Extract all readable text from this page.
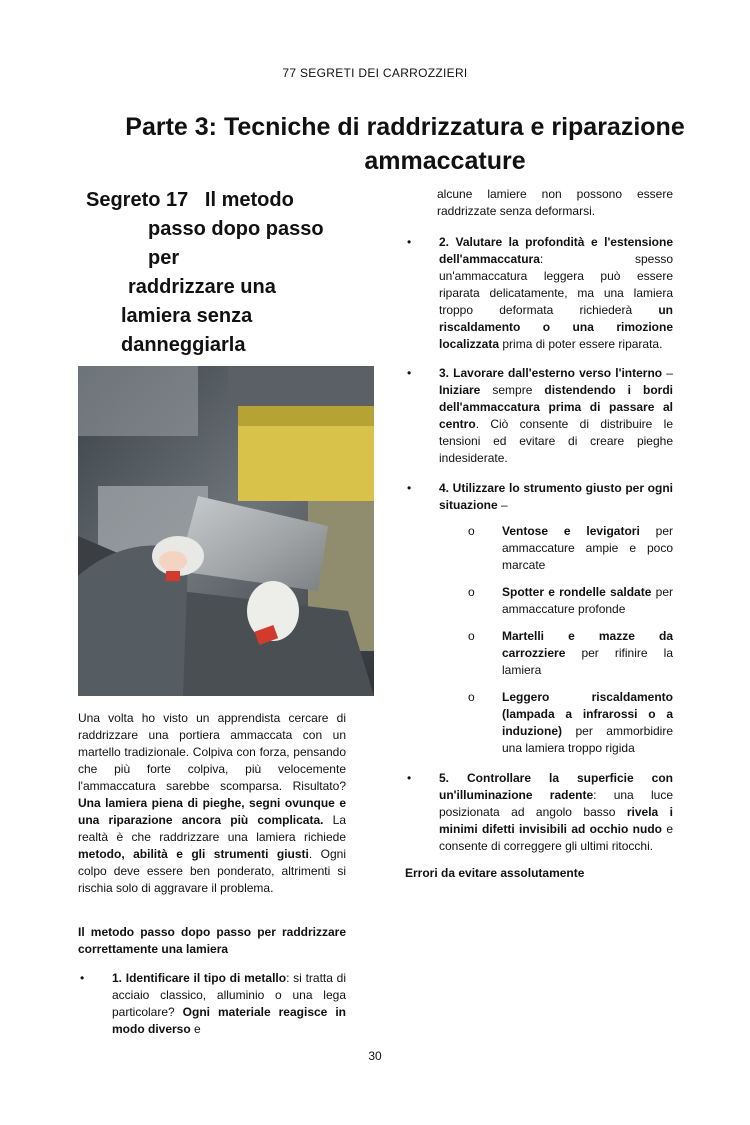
77 SEGRETI DEI CARROZZIERI
Parte 3: Tecniche di raddrizzatura e riparazione
ammaccature
Segreto 17   Il metodo
passo dopo passo
per
raddrizzare una
lamiera senza
danneggiarla

Una volta ho visto un apprendista cercare di raddrizzare una portiera ammaccata con un martello tradizionale. Colpiva con forza, pensando che più forte colpiva, più velocemente l'ammaccatura sarebbe scomparsa. Risultato? Una lamiera piena di pieghe, segni ovunque e una riparazione ancora più complicata. La realtà è che raddrizzare una lamiera richiede metodo, abilità e gli strumenti giusti. Ogni colpo deve essere ben ponderato, altrimenti si rischia solo di aggravare il problema.

Il metodo passo dopo passo per raddrizzare correttamente una lamiera

•	1. Identificare il tipo di metallo: si tratta di acciaio classico, alluminio o una lega particolare? Ogni materiale reagisce in modo diverso e

alcune lamiere non possono essere raddrizzate senza deformarsi.

•	2. Valutare la profondità e l'estensione dell'ammaccatura: spesso un'ammaccatura leggera può essere riparata delicatamente, ma una lamiera troppo deformata richiederà un riscaldamento o una rimozione localizzata prima di poter essere riparata.

•	3. Lavorare dall'esterno verso l'interno – Iniziare sempre distendendo i bordi dell'ammaccatura prima di passare al centro. Ciò consente di distribuire le tensioni ed evitare di creare pieghe indesiderate.

•	4. Utilizzare lo strumento giusto per ogni situazione –

o	Ventose e levigatori per ammaccature ampie e poco marcate

o	Spotter e rondelle saldate per ammaccature profonde

o	Martelli e mazze da carrozziere per rifinire la lamiera

o	Leggero riscaldamento (lampada a infrarossi o a induzione) per ammorbidire una lamiera troppo rigida

•	5. Controllare la superficie con un'illuminazione radente: una luce posizionata ad angolo basso rivela i minimi difetti invisibili ad occhio nudo e consente di correggere gli ultimi ritocchi.

Errori da evitare assolutamente

30
